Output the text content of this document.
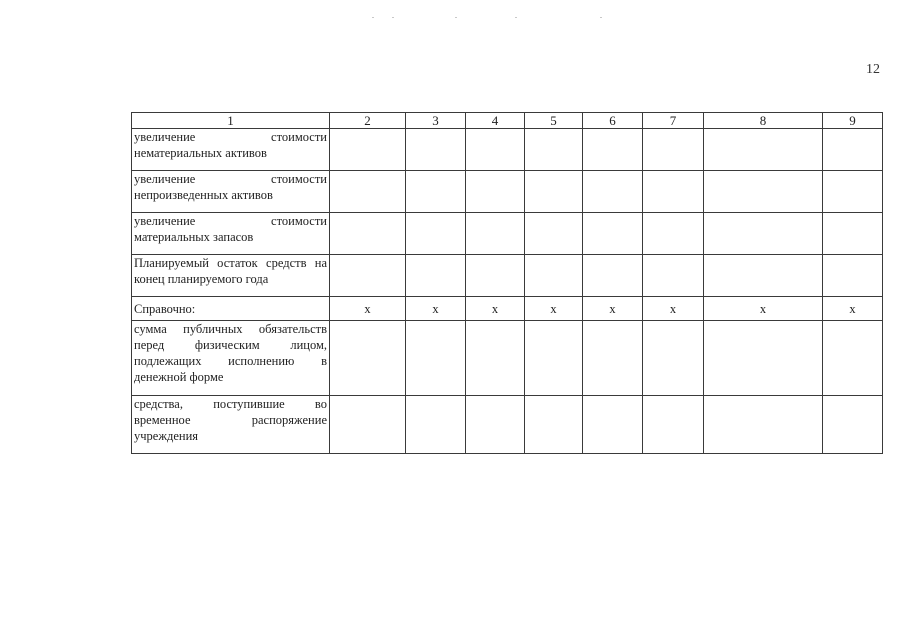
12
1	2	3	4	5	6	7	8	9
увеличение стоимости нематериальных активов								
увеличение стоимости непроизведенных активов								
увеличение стоимости материальных запасов								
Планируемый остаток средств на конец планируемого года								
Справочно:	х	х	х	х	х	х	х	х
сумма публичных обязательств перед физическим лицом, подлежащих исполнению в денежной форме								
средства, поступившие во временное распоряжение учреждения								
